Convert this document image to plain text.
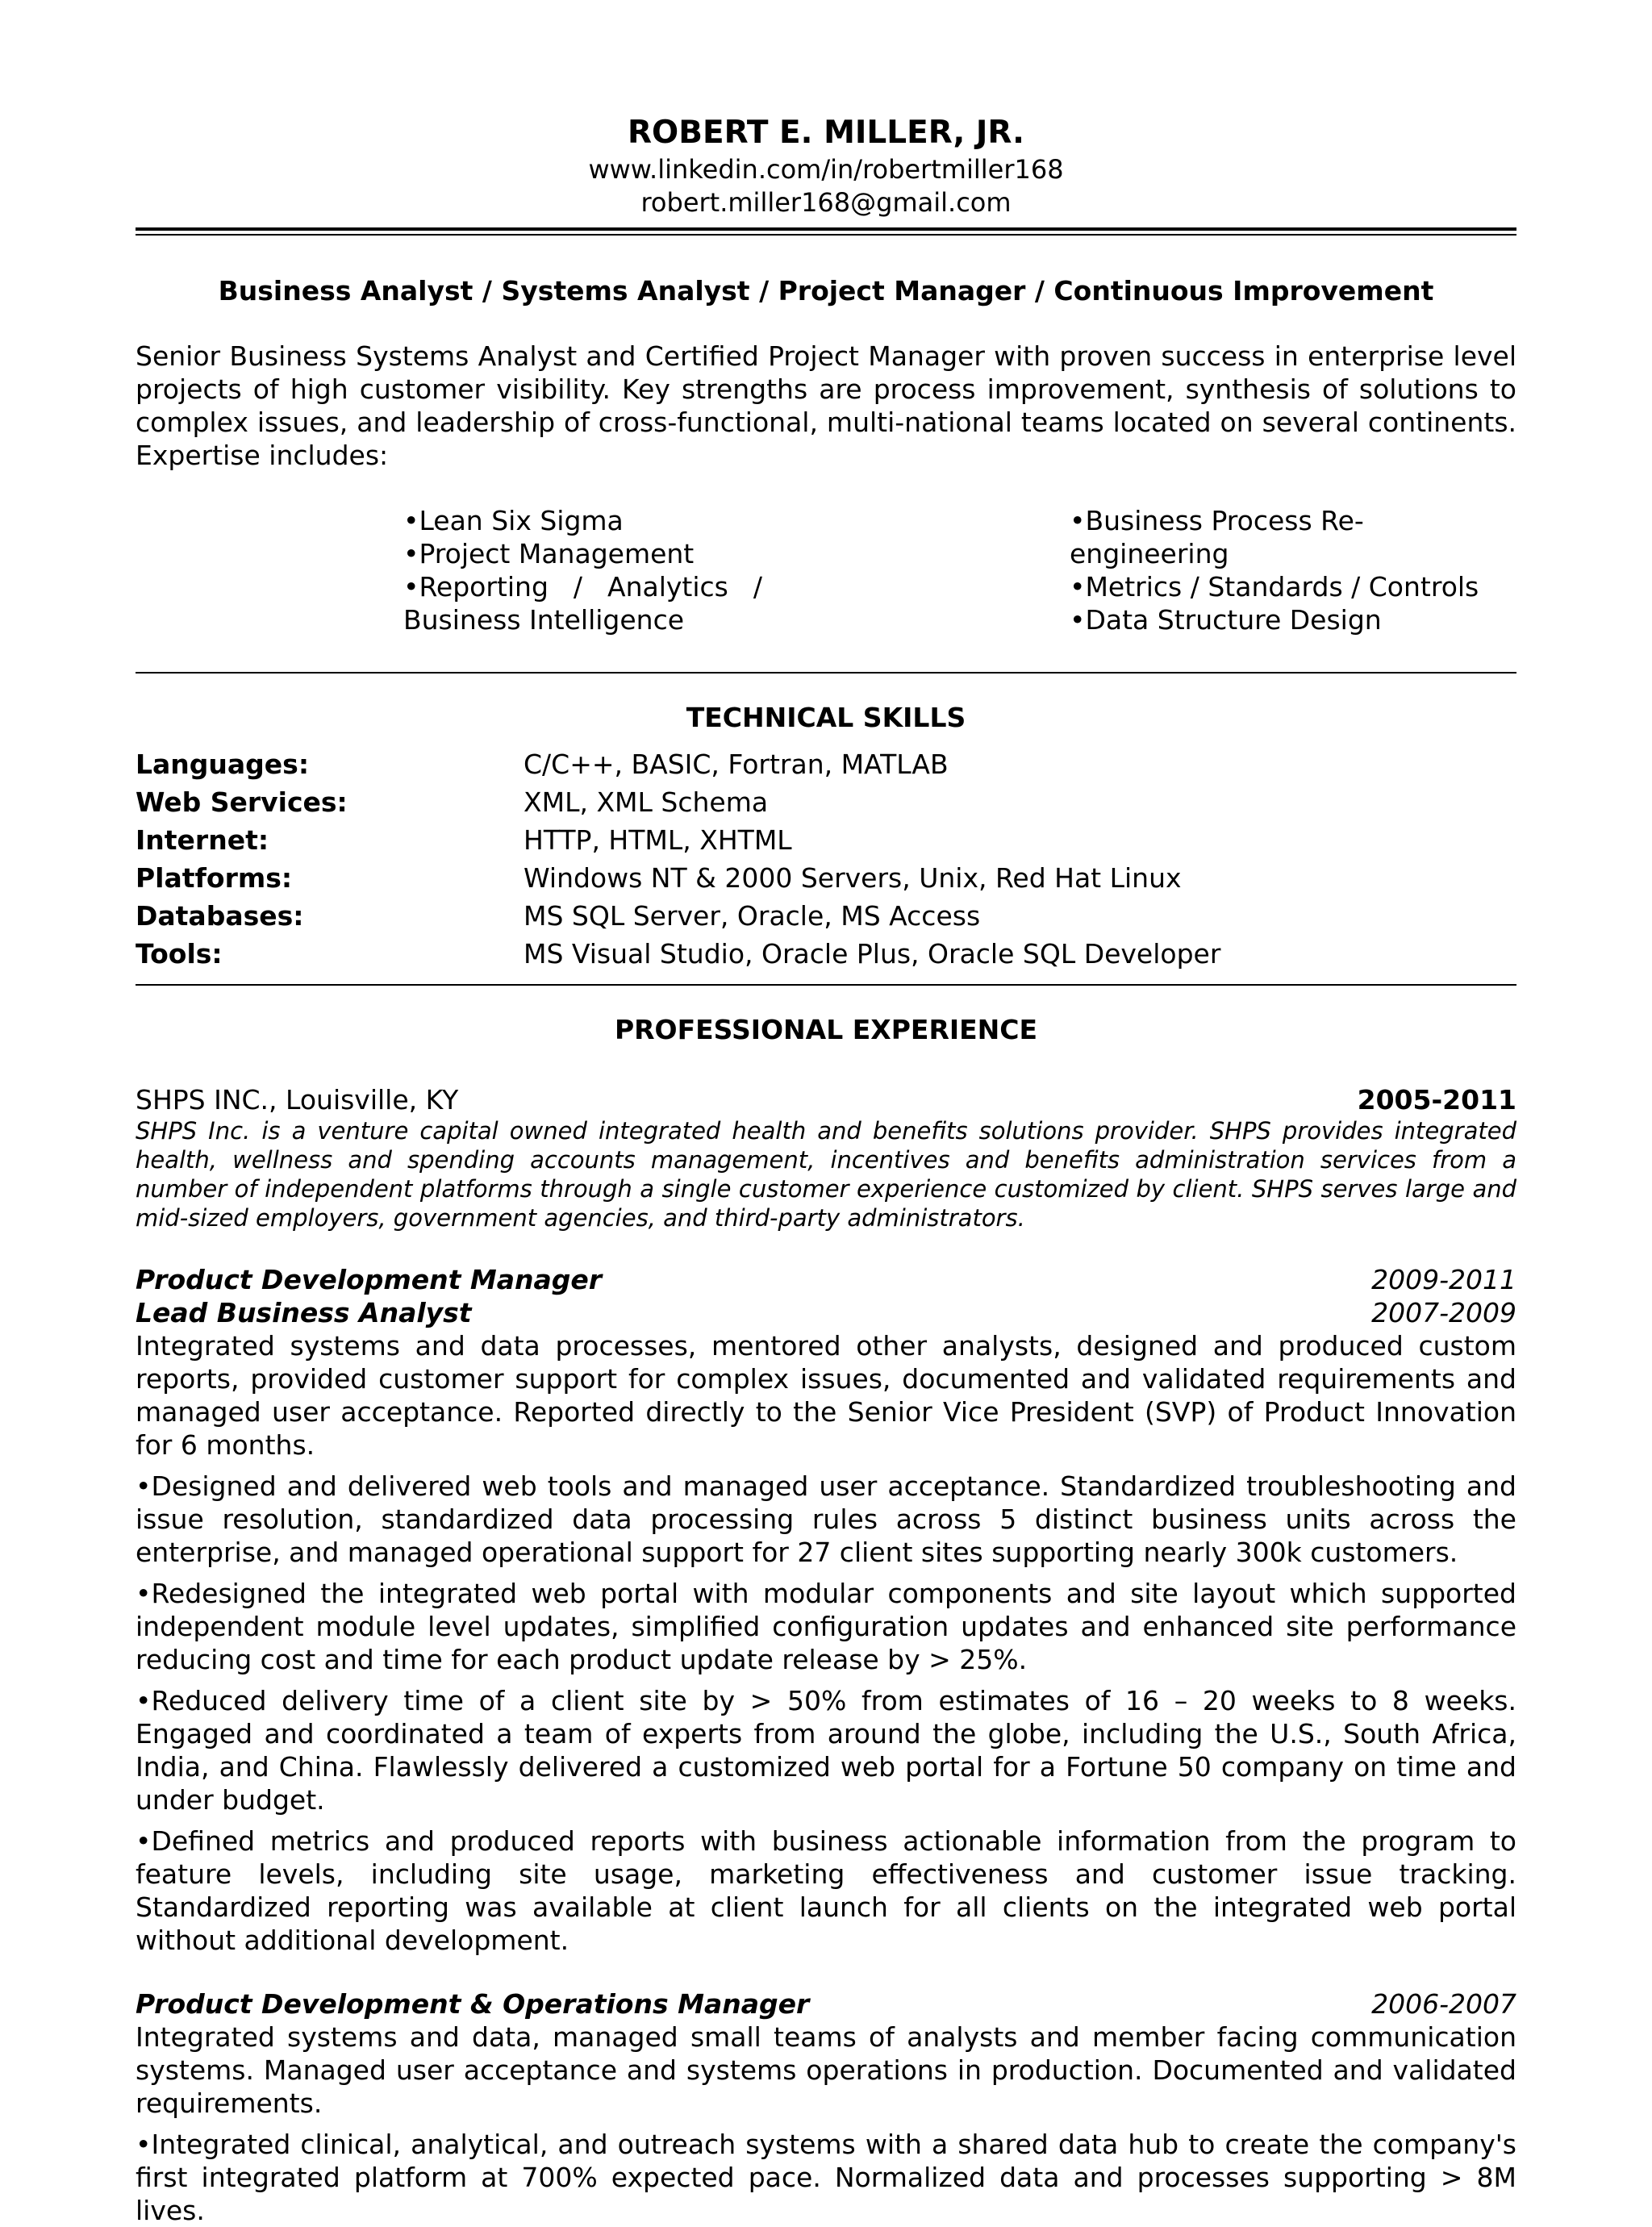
ROBERT E. MILLER, JR.
www.linkedin.com/in/robertmiller168
robert.miller168@gmail.com
Business Analyst / Systems Analyst / Project Manager / Continuous Improvement
Senior Business Systems Analyst and Certified Project Manager with proven success in enterprise level projects of high customer visibility. Key strengths are process improvement, synthesis of solutions to complex issues, and leadership of cross-functional, multi-national teams located on several continents. Expertise includes:
•Lean Six Sigma
•Project Management
•Reporting / Analytics /
Business Intelligence
•Business Process Re-engineering
•Metrics / Standards / Controls
•Data Structure Design
TECHNICAL SKILLS
Languages:	C/C++, BASIC, Fortran, MATLAB
Web Services:	XML, XML Schema
Internet:	HTTP, HTML, XHTML
Platforms:	Windows NT & 2000 Servers, Unix, Red Hat Linux
Databases:	MS SQL Server, Oracle, MS Access
Tools:	MS Visual Studio, Oracle Plus, Oracle SQL Developer
PROFESSIONAL EXPERIENCE
SHPS INC., Louisville, KY	2005-2011
SHPS Inc. is a venture capital owned integrated health and benefits solutions provider. SHPS provides integrated health, wellness and spending accounts management, incentives and benefits administration services from a number of independent platforms through a single customer experience customized by client. SHPS serves large and mid-sized employers, government agencies, and third-party administrators.
Product Development Manager	2009-2011
Lead Business Analyst	2007-2009
Integrated systems and data processes, mentored other analysts, designed and produced custom reports, provided customer support for complex issues, documented and validated requirements and managed user acceptance. Reported directly to the Senior Vice President (SVP) of Product Innovation for 6 months.
•Designed and delivered web tools and managed user acceptance. Standardized troubleshooting and issue resolution, standardized data processing rules across 5 distinct business units across the enterprise, and managed operational support for 27 client sites supporting nearly 300k customers.
•Redesigned the integrated web portal with modular components and site layout which supported independent module level updates, simplified configuration updates and enhanced site performance reducing cost and time for each product update release by > 25%.
•Reduced delivery time of a client site by > 50% from estimates of 16 – 20 weeks to 8 weeks. Engaged and coordinated a team of experts from around the globe, including the U.S., South Africa, India, and China. Flawlessly delivered a customized web portal for a Fortune 50 company on time and under budget.
•Defined metrics and produced reports with business actionable information from the program to feature levels, including site usage, marketing effectiveness and customer issue tracking. Standardized reporting was available at client launch for all clients on the integrated web portal without additional development.
Product Development & Operations Manager	2006-2007
Integrated systems and data, managed small teams of analysts and member facing communication systems. Managed user acceptance and systems operations in production. Documented and validated requirements.
•Integrated clinical, analytical, and outreach systems with a shared data hub to create the company's first integrated platform at 700% expected pace. Normalized data and processes supporting > 8M lives.
